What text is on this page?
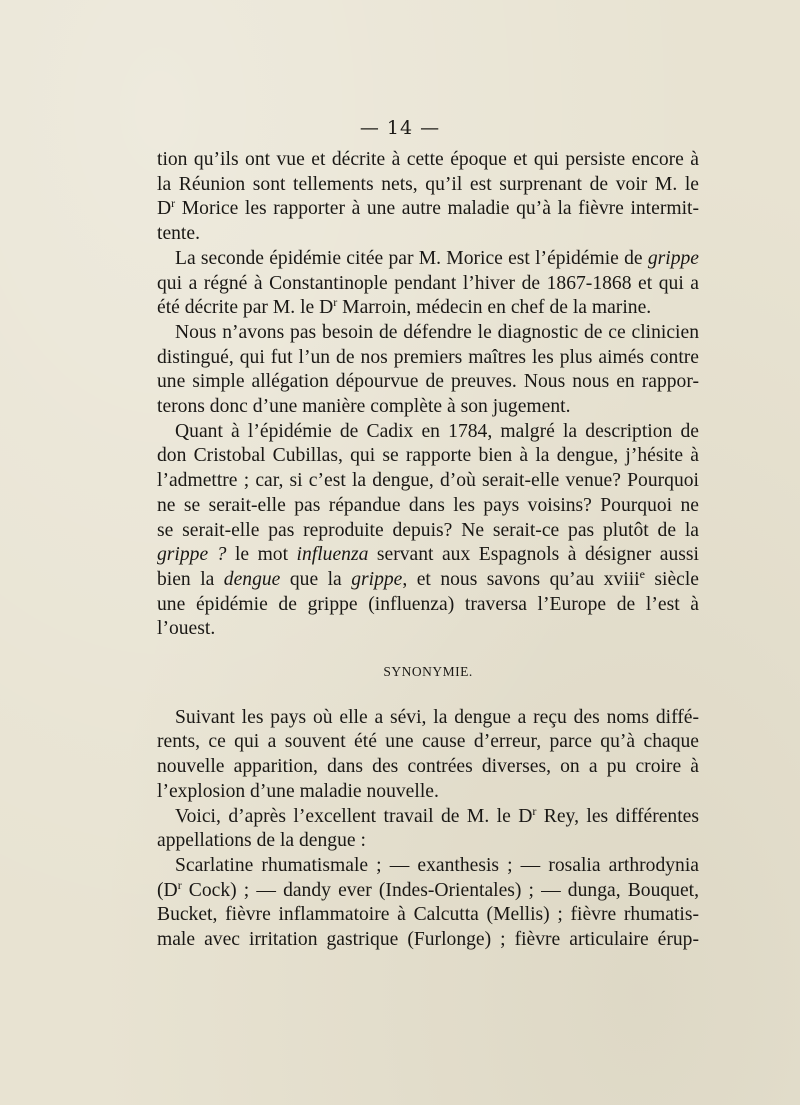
— 14 —

tion qu’ils ont vue et décrite à cette époque et qui persiste encore à
la Réunion sont tellements nets, qu’il est surprenant de voir M. le
$D^r$ Morice les rapporter à une autre maladie qu’à la fièvre intermit-
tente.

La seconde épidémie citée par M. Morice est l’épidémie de grippe
qui a régné à Constantinople pendant l’hiver de 1867-1868 et qui a
été décrite par M. le $D^r$ Marroin, médecin en chef de la marine.

Nous n’avons pas besoin de défendre le diagnostic de ce clinicien
distingué, qui fut l’un de nos premiers maîtres les plus aimés contre
une simple allégation dépourvue de preuves. Nous nous en rappor-
terons donc d’une manière complète à son jugement.

Quant à l’épidémie de Cadix en 1784, malgré la description de
don Cristobal Cubillas, qui se rapporte bien à la dengue, j’hésite à
l’admettre ; car, si c’est la dengue, d’où serait-elle venue? Pourquoi
ne se serait-elle pas répandue dans les pays voisins? Pourquoi ne
se serait-elle pas reproduite depuis? Ne serait-ce pas plutôt de la
grippe ? le mot influenza servant aux Espagnols à désigner aussi
bien la dengue que la grippe, et nous savons qu’au xviii$^e$ siècle
une épidémie de grippe (influenza) traversa l’Europe de l’est à
l’ouest.

SYNONYMIE.

Suivant les pays où elle a sévi, la dengue a reçu des noms diffé-
rents, ce qui a souvent été une cause d’erreur, parce qu’à chaque
nouvelle apparition, dans des contrées diverses, on a pu croire à
l’explosion d’une maladie nouvelle.

Voici, d’après l’excellent travail de M. le $D^r$ Rey, les différentes
appellations de la dengue :

Scarlatine rhumatismale ; — exanthesis ; — rosalia arthrodynia
($D^r$ Cock) ; — dandy ever (Indes-Orientales) ; — dunga, Bouquet,
Bucket, fièvre inflammatoire à Calcutta (Mellis) ; fièvre rhumatis-
male avec irritation gastrique (Furlonge) ; fièvre articulaire érup-
